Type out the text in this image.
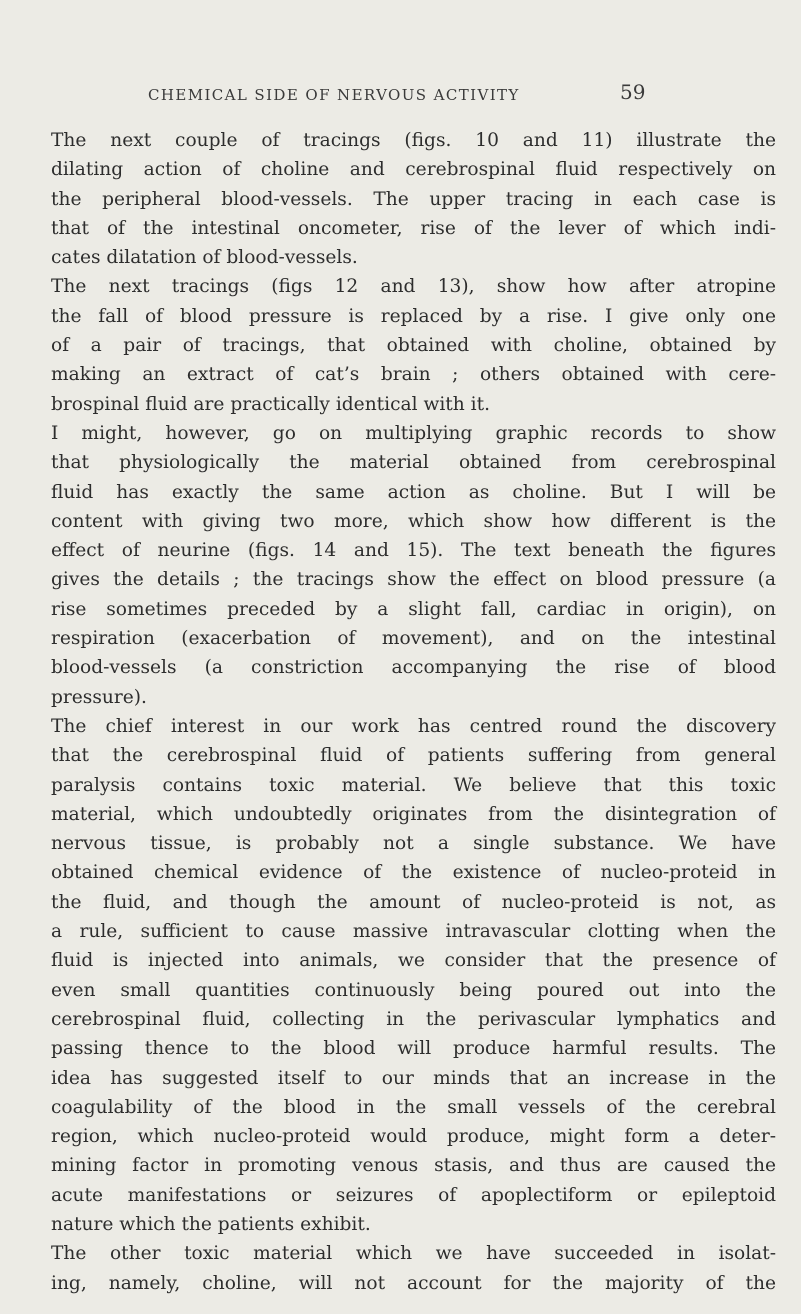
CHEMICAL SIDE OF NERVOUS ACTIVITY	59
The next couple of tracings (figs. 10 and 11) illustrate the
dilating action of choline and cerebrospinal fluid respectively on
the peripheral blood-vessels. The upper tracing in each case is
that of the intestinal oncometer, rise of the lever of which indi-
cates dilatation of blood-vessels.
The next tracings (figs 12 and 13), show how after atropine
the fall of blood pressure is replaced by a rise. I give only one
of a pair of tracings, that obtained with choline, obtained by
making an extract of cat’s brain ; others obtained with cere-
brospinal fluid are practically identical with it.
I might, however, go on multiplying graphic records to show
that physiologically the material obtained from cerebrospinal
fluid has exactly the same action as choline. But I will be
content with giving two more, which show how different is the
effect of neurine (figs. 14 and 15). The text beneath the figures
gives the details ; the tracings show the effect on blood pressure (a
rise sometimes preceded by a slight fall, cardiac in origin), on
respiration (exacerbation of movement), and on the intestinal
blood-vessels (a constriction accompanying the rise of blood
pressure).
The chief interest in our work has centred round the discovery
that the cerebrospinal fluid of patients suffering from general
paralysis contains toxic material. We believe that this toxic
material, which undoubtedly originates from the disintegration of
nervous tissue, is probably not a single substance. We have
obtained chemical evidence of the existence of nucleo-proteid in
the fluid, and though the amount of nucleo-proteid is not, as
a rule, sufficient to cause massive intravascular clotting when the
fluid is injected into animals, we consider that the presence of
even small quantities continuously being poured out into the
cerebrospinal fluid, collecting in the perivascular lymphatics and
passing thence to the blood will produce harmful results. The
idea has suggested itself to our minds that an increase in the
coagulability of the blood in the small vessels of the cerebral
region, which nucleo-proteid would produce, might form a deter-
mining factor in promoting venous stasis, and thus are caused the
acute manifestations or seizures of apoplectiform or epileptoid
nature which the patients exhibit.
The other toxic material which we have succeeded in isolat-
ing, namely, choline, will not account for the majority of the
